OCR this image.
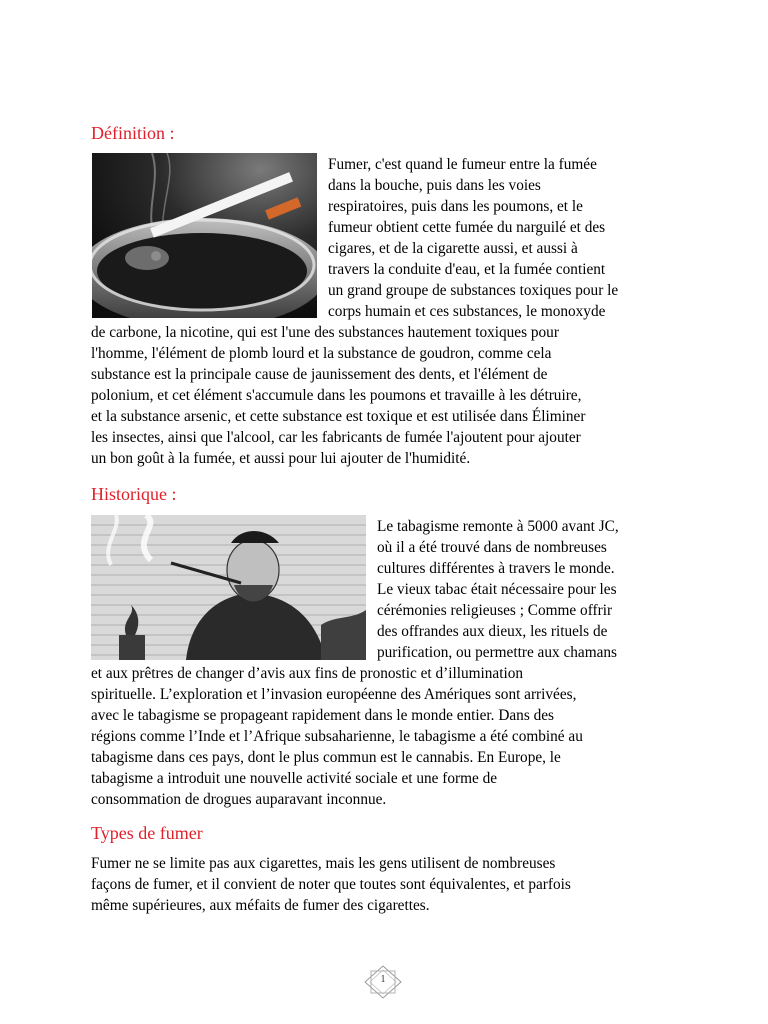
Définition :
Fumer, c'est quand le fumeur entre la fumée
dans la bouche, puis dans les voies
respiratoires, puis dans les poumons, et le
fumeur obtient cette fumée du narguilé et des
cigares, et de la cigarette aussi, et aussi à
travers la conduite d'eau, et la fumée contient
un grand groupe de substances toxiques pour le
corps humain et ces substances, le monoxyde
de carbone, la nicotine, qui est l'une des substances hautement toxiques pour
l'homme, l'élément de plomb lourd et la substance de goudron, comme cela
substance est la principale cause de jaunissement des dents, et l'élément de
polonium, et cet élément s'accumule dans les poumons et travaille à les détruire,
et la substance arsenic, et cette substance est toxique et est utilisée dans Éliminer
les insectes, ainsi que l'alcool, car les fabricants de fumée l'ajoutent pour ajouter
un bon goût à la fumée, et aussi pour lui ajouter de l'humidité.
Historique :
Le tabagisme remonte à 5000 avant JC,
où il a été trouvé dans de nombreuses
cultures différentes à travers le monde.
Le vieux tabac était nécessaire pour les
cérémonies religieuses ; Comme offrir
des offrandes aux dieux, les rituels de
purification, ou permettre aux chamans
et aux prêtres de changer d’avis aux fins de pronostic et d’illumination
spirituelle. L’exploration et l’invasion européenne des Amériques sont arrivées,
avec le tabagisme se propageant rapidement dans le monde entier. Dans des
régions comme l’Inde et l’Afrique subsaharienne, le tabagisme a été combiné au
tabagisme dans ces pays, dont le plus commun est le cannabis. En Europe, le
tabagisme a introduit une nouvelle activité sociale et une forme de
consommation de drogues auparavant inconnue.
Types de fumer
Fumer ne se limite pas aux cigarettes, mais les gens utilisent de nombreuses
façons de fumer, et il convient de noter que toutes sont équivalentes, et parfois
même supérieures, aux méfaits de fumer des cigarettes.
1
